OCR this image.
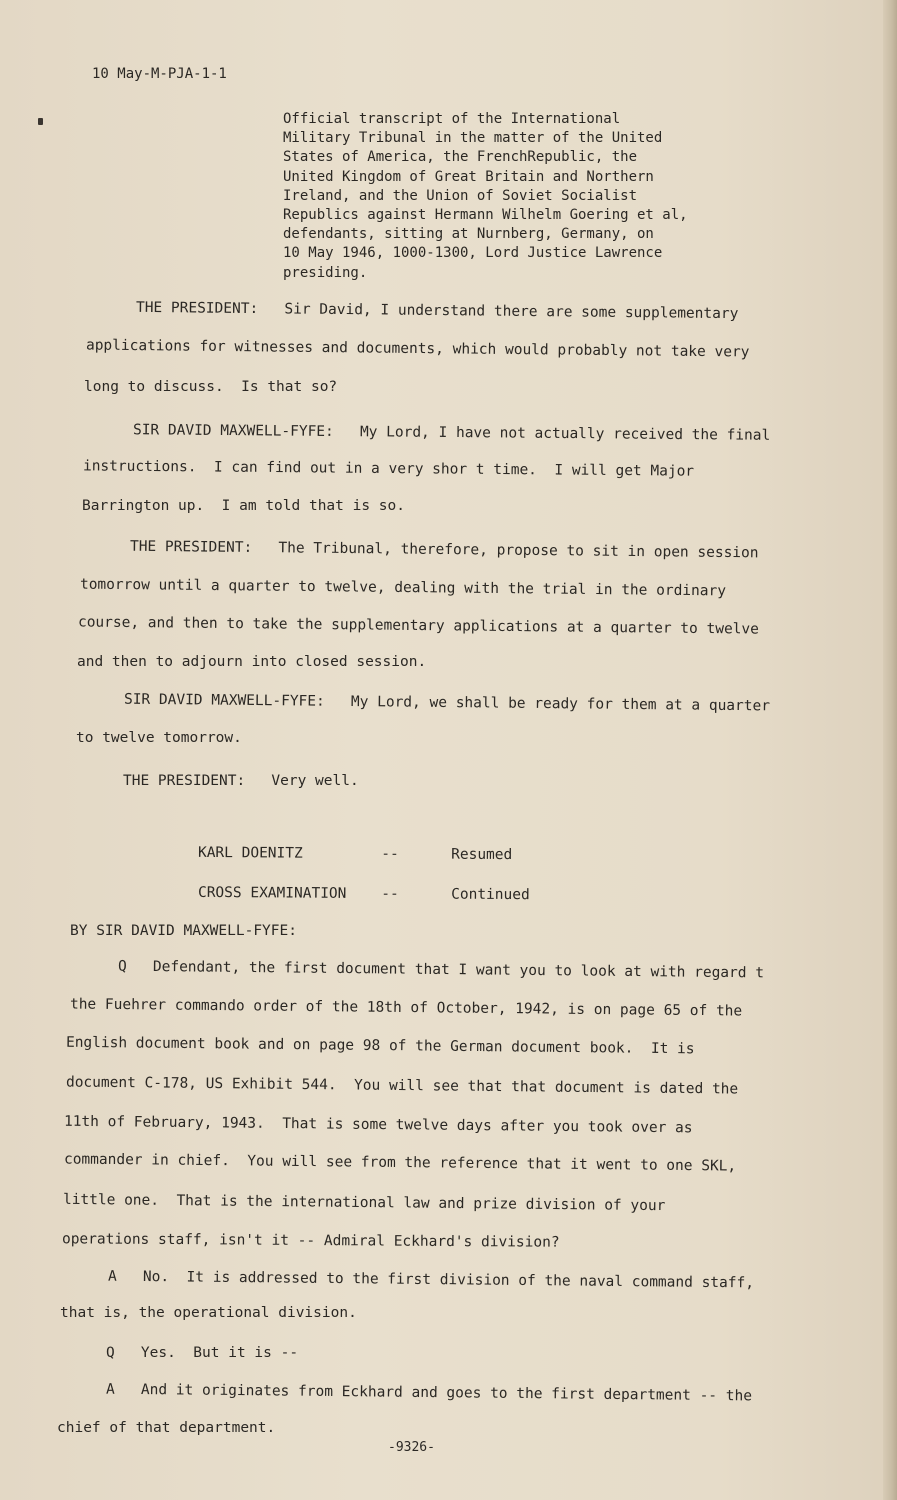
10 May-M-PJA-1-1
Official transcript of the International
Military Tribunal in the matter of the United
States of America, the FrenchRepublic, the
United Kingdom of Great Britain and Northern
Ireland, and the Union of Soviet Socialist
Republics against Hermann Wilhelm Goering et al,
defendants, sitting at Nurnberg, Germany, on
10 May 1946, 1000-1300, Lord Justice Lawrence
presiding.
THE PRESIDENT:   Sir David, I understand there are some supplementary
applications for witnesses and documents, which would probably not take very
long to discuss.  Is that so?
SIR DAVID MAXWELL-FYFE:   My Lord, I have not actually received the final
instructions.  I can find out in a very shor t time.  I will get Major
Barrington up.  I am told that is so.
THE PRESIDENT:   The Tribunal, therefore, propose to sit in open session
tomorrow until a quarter to twelve, dealing with the trial in the ordinary
course, and then to take the supplementary applications at a quarter to twelve
and then to adjourn into closed session.
SIR DAVID MAXWELL-FYFE:   My Lord, we shall be ready for them at a quarter
to twelve tomorrow.
THE PRESIDENT:   Very well.
KARL DOENITZ         --      Resumed
CROSS EXAMINATION    --      Continued
BY SIR DAVID MAXWELL-FYFE:
Q   Defendant, the first document that I want you to look at with regard t
the Fuehrer commando order of the 18th of October, 1942, is on page 65 of the
English document book and on page 98 of the German document book.  It is
document C-178, US Exhibit 544.  You will see that that document is dated the
11th of February, 1943.  That is some twelve days after you took over as
commander in chief.  You will see from the reference that it went to one SKL,
little one.  That is the international law and prize division of your
operations staff, isn't it -- Admiral Eckhard's division?
A   No.  It is addressed to the first division of the naval command staff,
that is, the operational division.
Q   Yes.  But it is --
A   And it originates from Eckhard and goes to the first department -- the
chief of that department.
-9326-
